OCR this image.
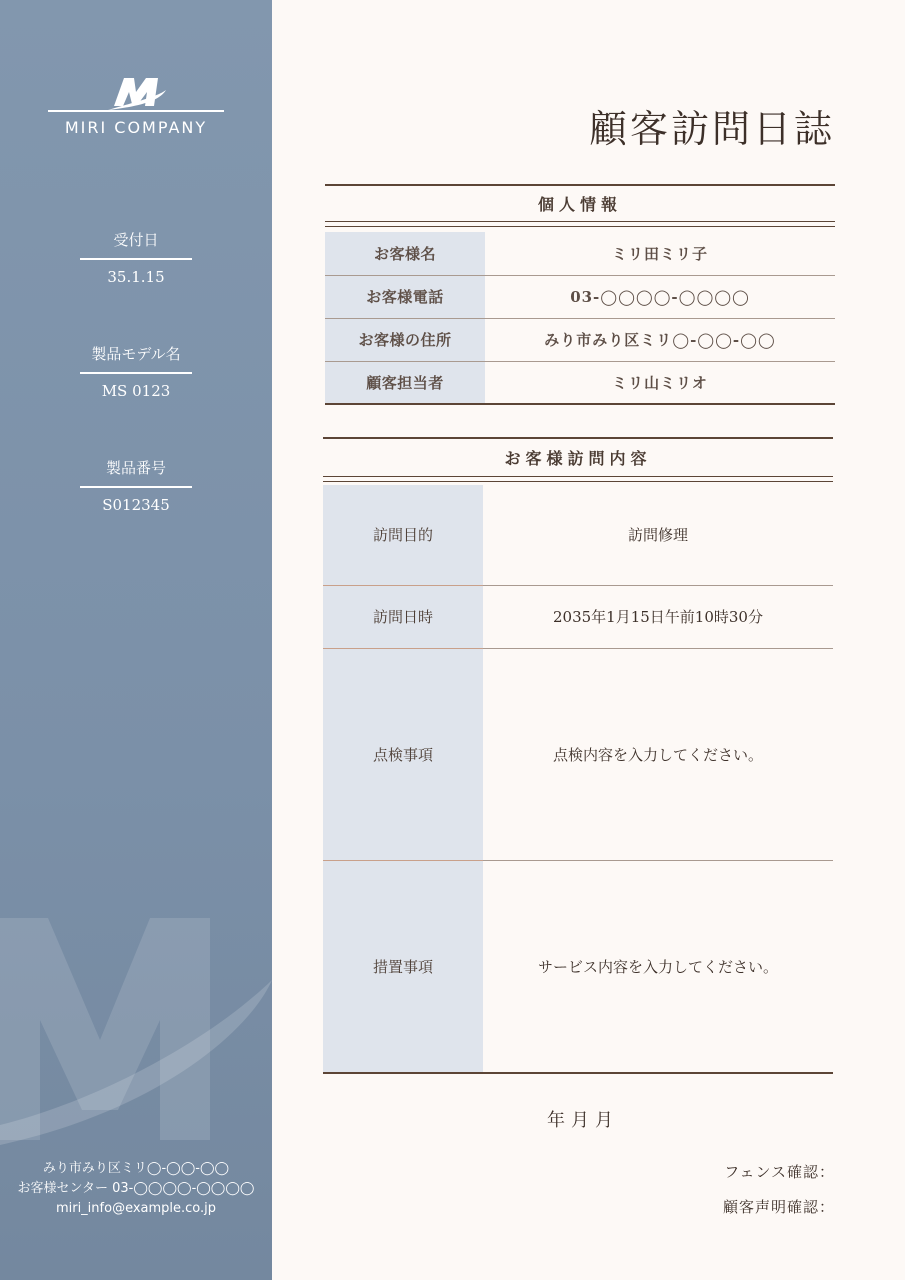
MIRI COMPANY
受付日
35.1.15
製品モデル名
MS 0123
製品番号
S012345
みり市みり区ミリ◯-◯◯-◯◯
お客様センター 03-◯◯◯◯-◯◯◯◯
miri_info@example.co.jp
顧客訪問日誌
個人情報
お客様名	ミリ田ミリ子
お客様電話	03-◯◯◯◯-◯◯◯◯
お客様の住所	みり市みり区ミリ◯-◯◯-◯◯
顧客担当者	ミリ山ミリオ
お客様訪問内容
訪問目的	訪問修理
訪問日時	2035年1月15日午前10時30分
点検事項	点検内容を入力してください。
措置事項	サービス内容を入力してください。
年月月
フェンス確認：
顧客声明確認：
